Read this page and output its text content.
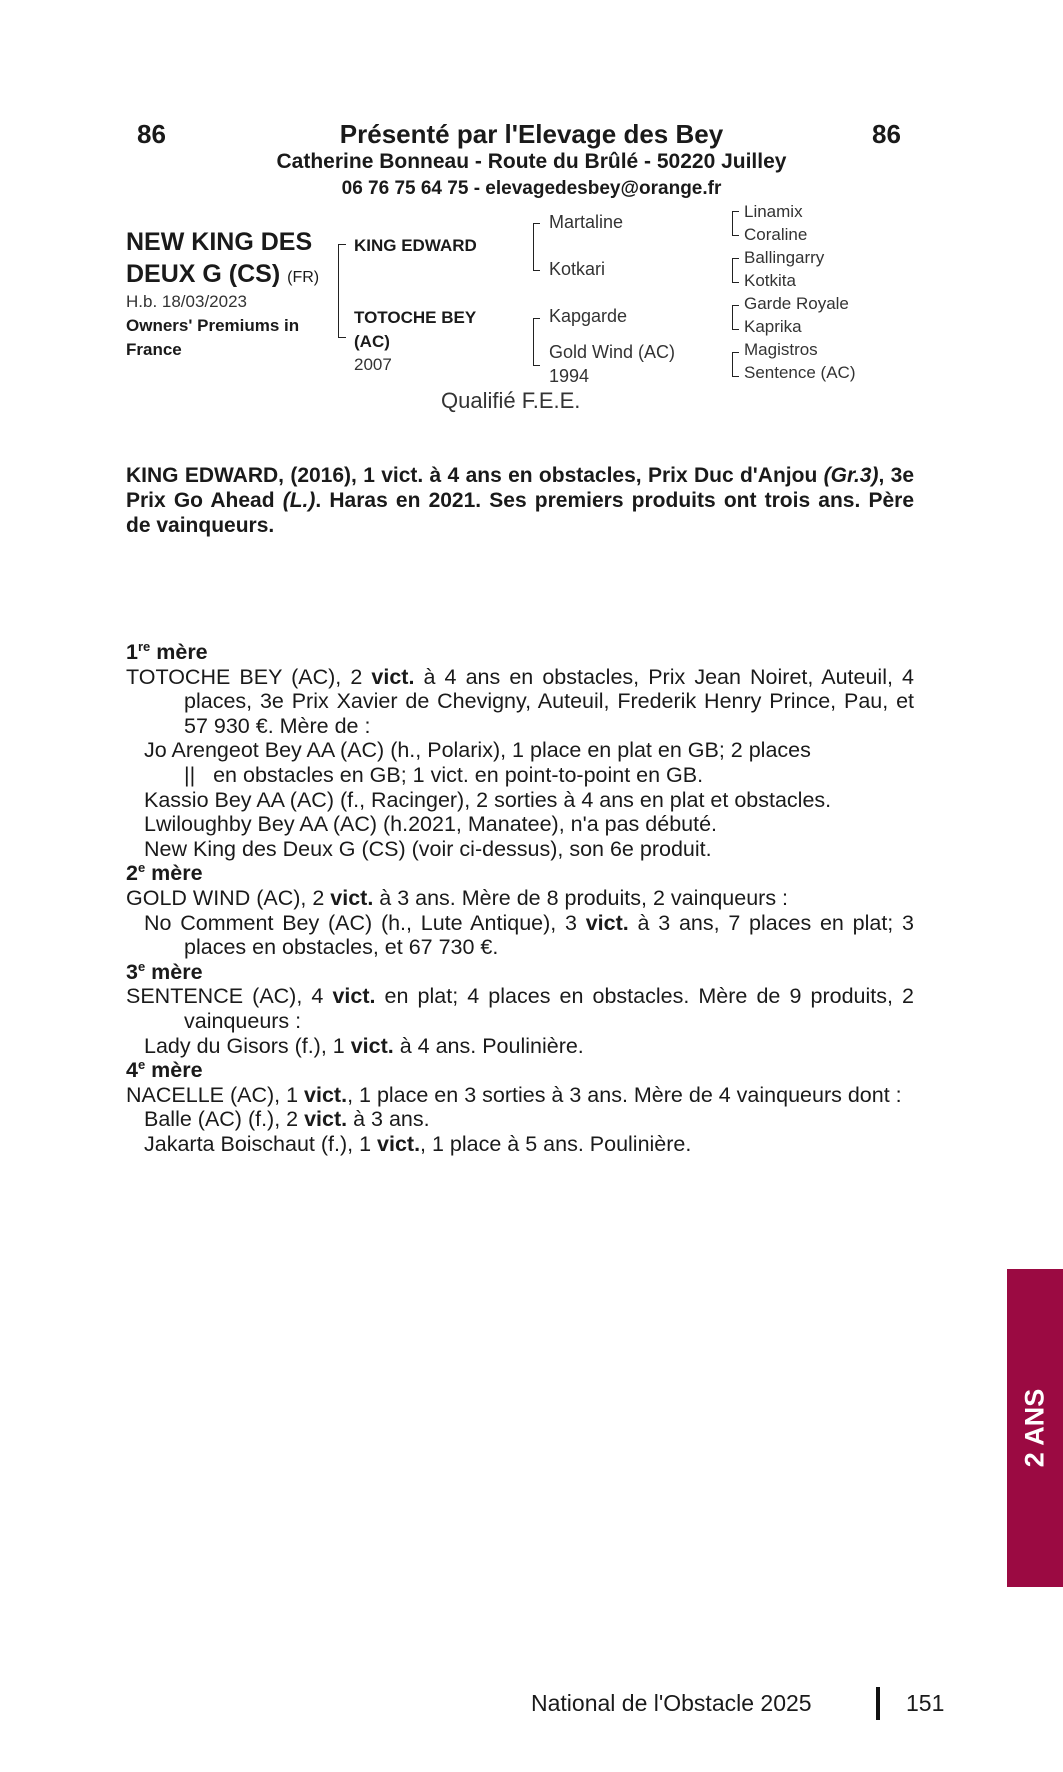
86	86
Présenté par l'Elevage des Bey
Catherine Bonneau - Route du Brûlé - 50220 Juilley
06 76 75 64 75 - elevagedesbey@orange.fr
NEW KING DES
DEUX G (CS) (FR)
H.b. 18/03/2023
Owners' Premiums in
France
KING EDWARD
TOTOCHE BEY
(AC)
2007
Martaline
Kotkari
Kapgarde
Gold Wind (AC)
1994
Linamix
Coraline
Ballingarry
Kotkita
Garde Royale
Kaprika
Magistros
Sentence (AC)
Qualifié F.E.E.
KING EDWARD, (2016), 1 vict. à 4 ans en obstacles, Prix Duc d'Anjou (Gr.3), 3e Prix Go Ahead (L.). Haras en 2021. Ses premiers produits ont trois ans. Père de vainqueurs.
1re mère
TOTOCHE BEY (AC), 2 vict. à 4 ans en obstacles, Prix Jean Noiret, Auteuil, 4 places, 3e Prix Xavier de Chevigny, Auteuil, Frederik Henry Prince, Pau, et 57 930 €. Mère de :
Jo Arengeot Bey AA (AC) (h., Polarix), 1 place en plat en GB; 2 places
|| en obstacles en GB; 1 vict. en point-to-point en GB.
Kassio Bey AA (AC) (f., Racinger), 2 sorties à 4 ans en plat et obstacles.
Lwiloughby Bey AA (AC) (h.2021, Manatee), n'a pas débuté.
New King des Deux G (CS) (voir ci-dessus), son 6e produit.
2e mère
GOLD WIND (AC), 2 vict. à 3 ans. Mère de 8 produits, 2 vainqueurs :
No Comment Bey (AC) (h., Lute Antique), 3 vict. à 3 ans, 7 places en plat; 3 places en obstacles, et 67 730 €.
3e mère
SENTENCE (AC), 4 vict. en plat; 4 places en obstacles. Mère de 9 produits, 2 vainqueurs :
Lady du Gisors (f.), 1 vict. à 4 ans. Poulinière.
4e mère
NACELLE (AC), 1 vict., 1 place en 3 sorties à 3 ans. Mère de 4 vainqueurs dont :
Balle (AC) (f.), 2 vict. à 3 ans.
Jakarta Boischaut (f.), 1 vict., 1 place à 5 ans. Poulinière.
2 ANS
National de l'Obstacle 2025	151
